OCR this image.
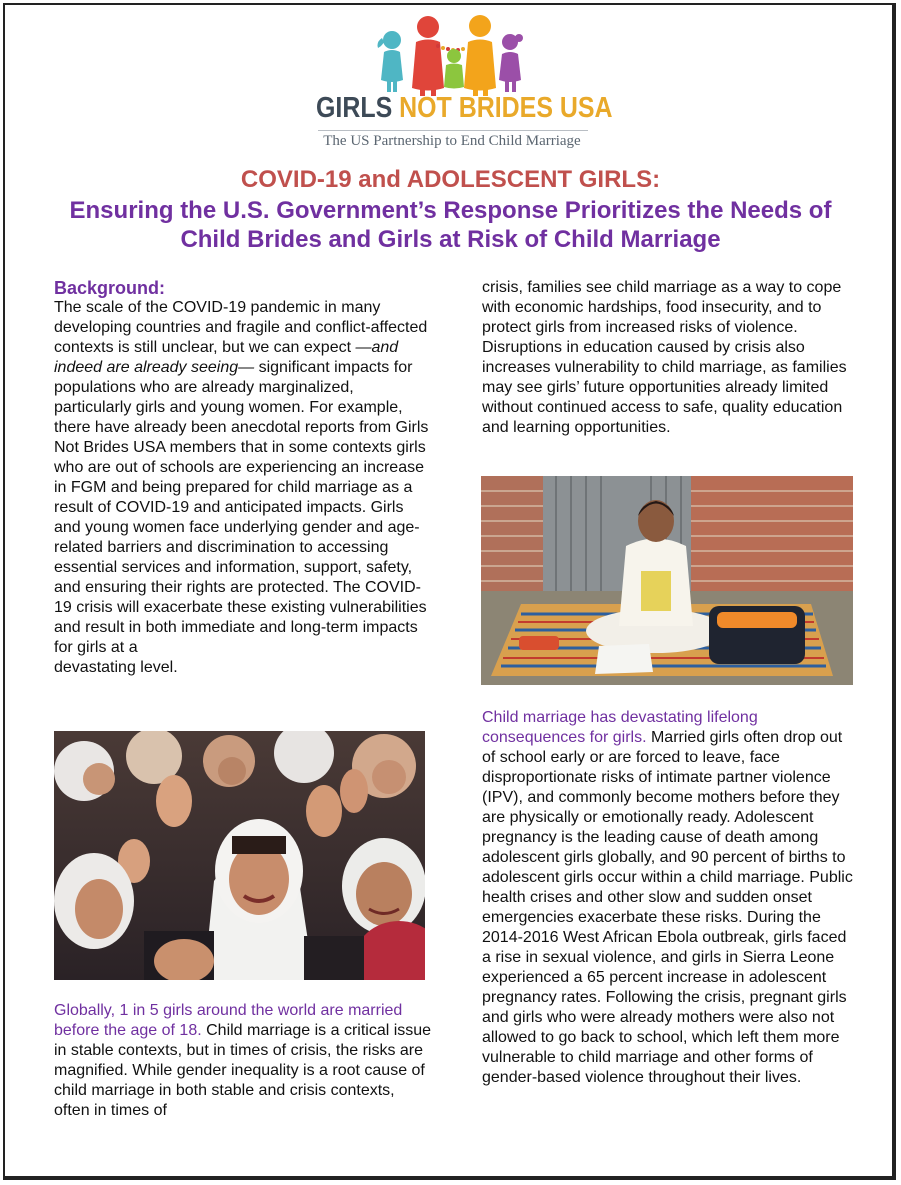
GIRLS NOT BRIDES USA
The US Partnership to End Child Marriage
COVID-19 and ADOLESCENT GIRLS:
Ensuring the U.S. Government’s Response Prioritizes the Needs of Child Brides and Girls at Risk of Child Marriage
Background:
The scale of the COVID-19 pandemic in many developing countries and fragile and conflict-affected contexts is still unclear, but we can expect —and indeed are already seeing— significant impacts for populations who are already marginalized, particularly girls and young women. For example, there have already been anecdotal reports from Girls Not Brides USA members that in some contexts girls who are out of schools are experiencing an increase in FGM and being prepared for child marriage as a result of COVID-19 and anticipated impacts. Girls and young women face underlying gender and age-related barriers and discrimination to accessing essential services and information, support, safety, and ensuring their rights are protected. The COVID-19 crisis will exacerbate these existing vulnerabilities and result in both immediate and long-term impacts for girls at a
devastating level.
Globally, 1 in 5 girls around the world are married before the age of 18. Child marriage is a critical issue in stable contexts, but in times of crisis, the risks are magnified. While gender inequality is a root cause of child marriage in both stable and crisis contexts, often in times of
crisis, families see child marriage as a way to cope with economic hardships, food insecurity, and to protect girls from increased risks of violence. Disruptions in education caused by crisis also increases vulnerability to child marriage, as families may see girls’ future opportunities already limited without continued access to safe, quality education and learning opportunities.
Child marriage has devastating lifelong consequences for girls. Married girls often drop out of school early or are forced to leave, face disproportionate risks of intimate partner violence (IPV), and commonly become mothers before they are physically or emotionally ready. Adolescent pregnancy is the leading cause of death among adolescent girls globally, and 90 percent of births to adolescent girls occur within a child marriage. Public health crises and other slow and sudden onset emergencies exacerbate these risks. During the 2014-2016 West African Ebola outbreak, girls faced a rise in sexual violence, and girls in Sierra Leone experienced a 65 percent increase in adolescent pregnancy rates. Following the crisis, pregnant girls and girls who were already mothers were also not allowed to go back to school, which left them more vulnerable to child marriage and other forms of gender-based violence throughout their lives.
